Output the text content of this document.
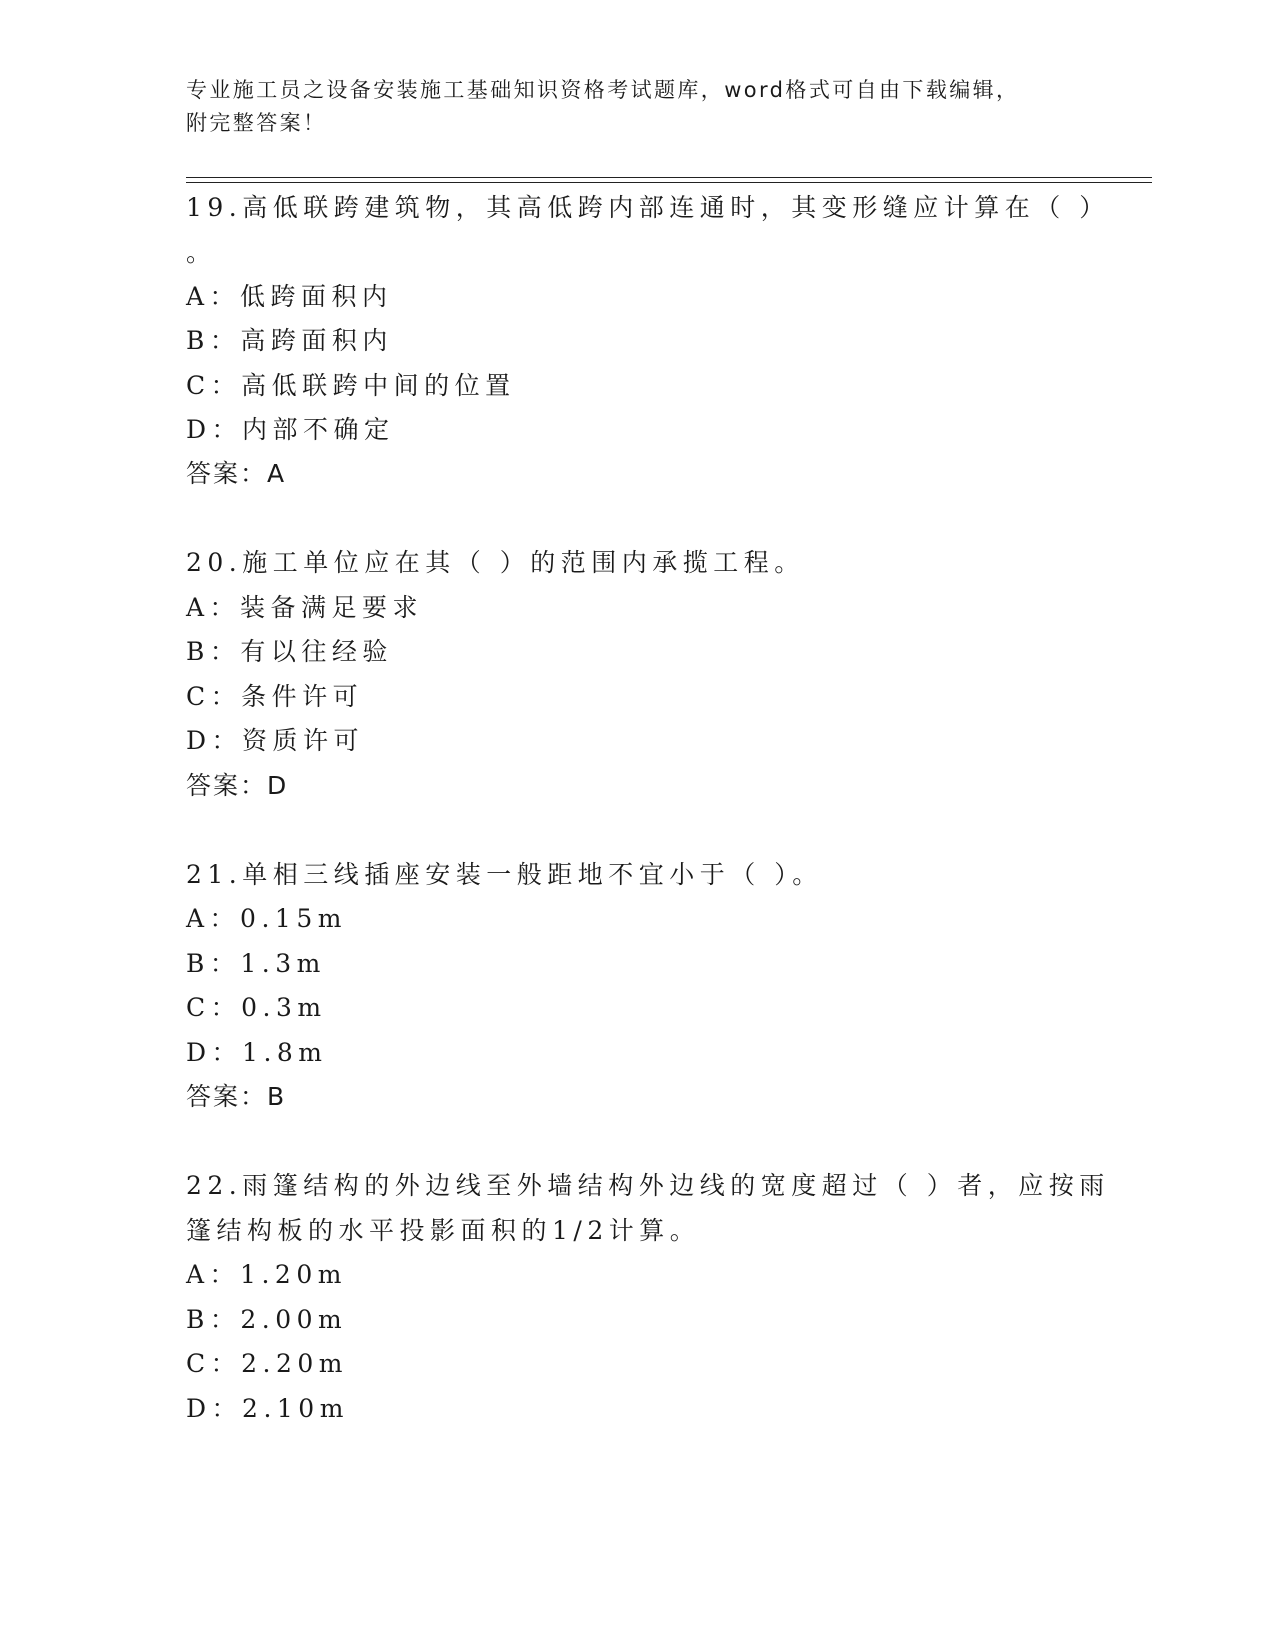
专业施工员之设备安装施工基础知识资格考试题库，word格式可自由下载编辑，
附完整答案！
19.高低联跨建筑物，其高低跨内部连通时，其变形缝应计算在（ ）
。
A：低跨面积内
B：高跨面积内
C：高低联跨中间的位置
D：内部不确定
答案：A
20.施工单位应在其（ ）的范围内承揽工程。
A：装备满足要求
B：有以往经验
C：条件许可
D：资质许可
答案：D
21.单相三线插座安装一般距地不宜小于（ ）。
A：0.15m
B：1.3m
C：0.3m
D：1.8m
答案：B
22.雨篷结构的外边线至外墙结构外边线的宽度超过（ ）者，应按雨
篷结构板的水平投影面积的1/2计算。
A：1.20m
B：2.00m
C：2.20m
D：2.10m
